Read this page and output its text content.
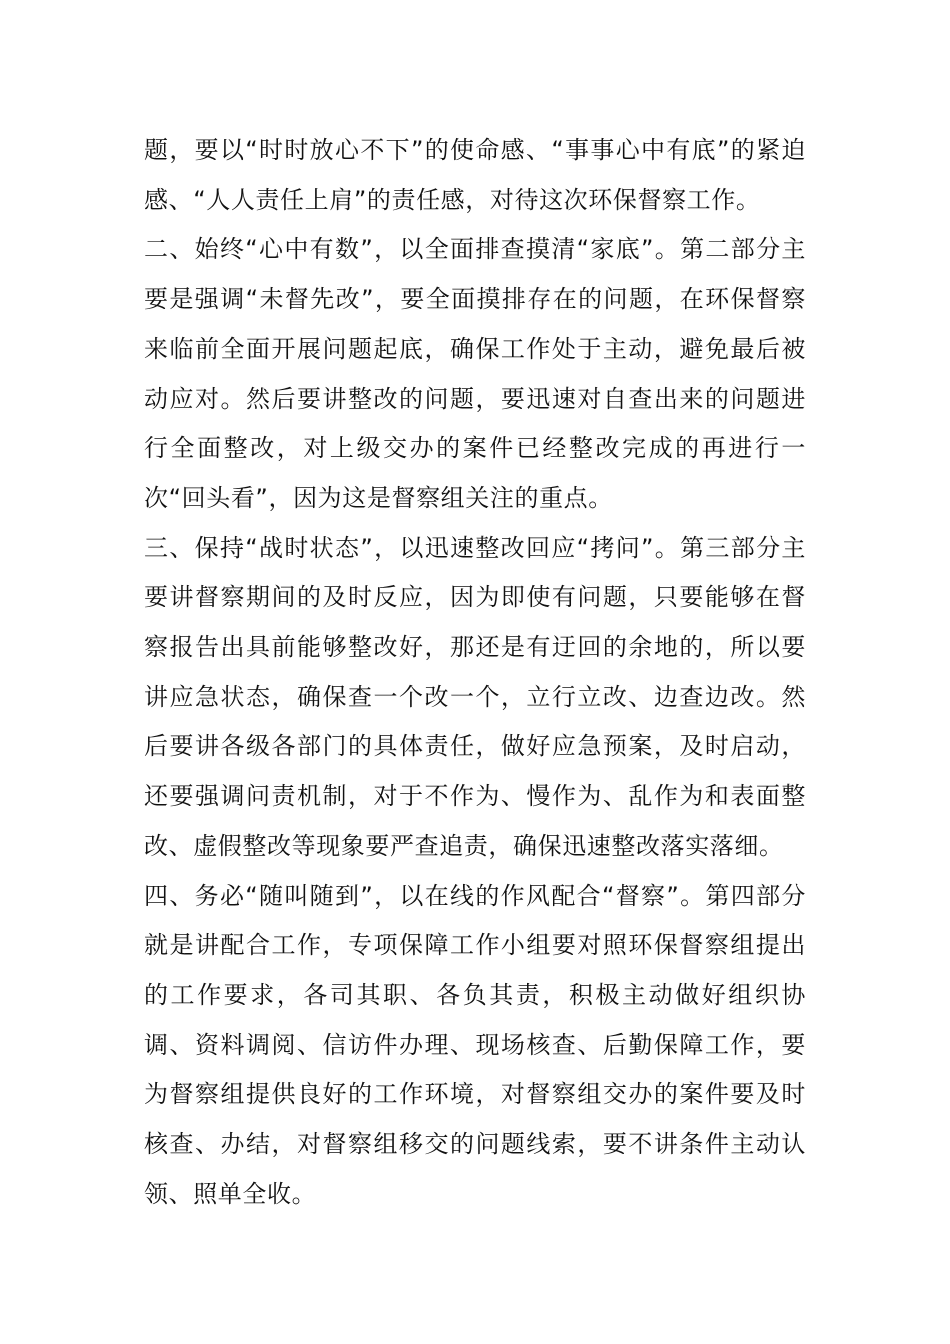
题，要以“时时放心不下”的使命感、“事事心中有底”的紧迫感、“人人责任上肩”的责任感，对待这次环保督察工作。

二、始终“心中有数”，以全面排查摸清“家底”。第二部分主要是强调“未督先改”，要全面摸排存在的问题，在环保督察来临前全面开展问题起底，确保工作处于主动，避免最后被动应对。然后要讲整改的问题，要迅速对自查出来的问题进行全面整改，对上级交办的案件已经整改完成的再进行一次“回头看”，因为这是督察组关注的重点。

三、保持“战时状态”，以迅速整改回应“拷问”。第三部分主要讲督察期间的及时反应，因为即使有问题，只要能够在督察报告出具前能够整改好，那还是有迂回的余地的，所以要讲应急状态，确保查一个改一个，立行立改、边查边改。然后要讲各级各部门的具体责任，做好应急预案，及时启动，还要强调问责机制，对于不作为、慢作为、乱作为和表面整改、虚假整改等现象要严查追责，确保迅速整改落实落细。

四、务必“随叫随到”，以在线的作风配合“督察”。第四部分就是讲配合工作，专项保障工作小组要对照环保督察组提出的工作要求，各司其职、各负其责，积极主动做好组织协调、资料调阅、信访件办理、现场核查、后勤保障工作，要为督察组提供良好的工作环境，对督察组交办的案件要及时核查、办结，对督察组移交的问题线索，要不讲条件主动认领、照单全收。
